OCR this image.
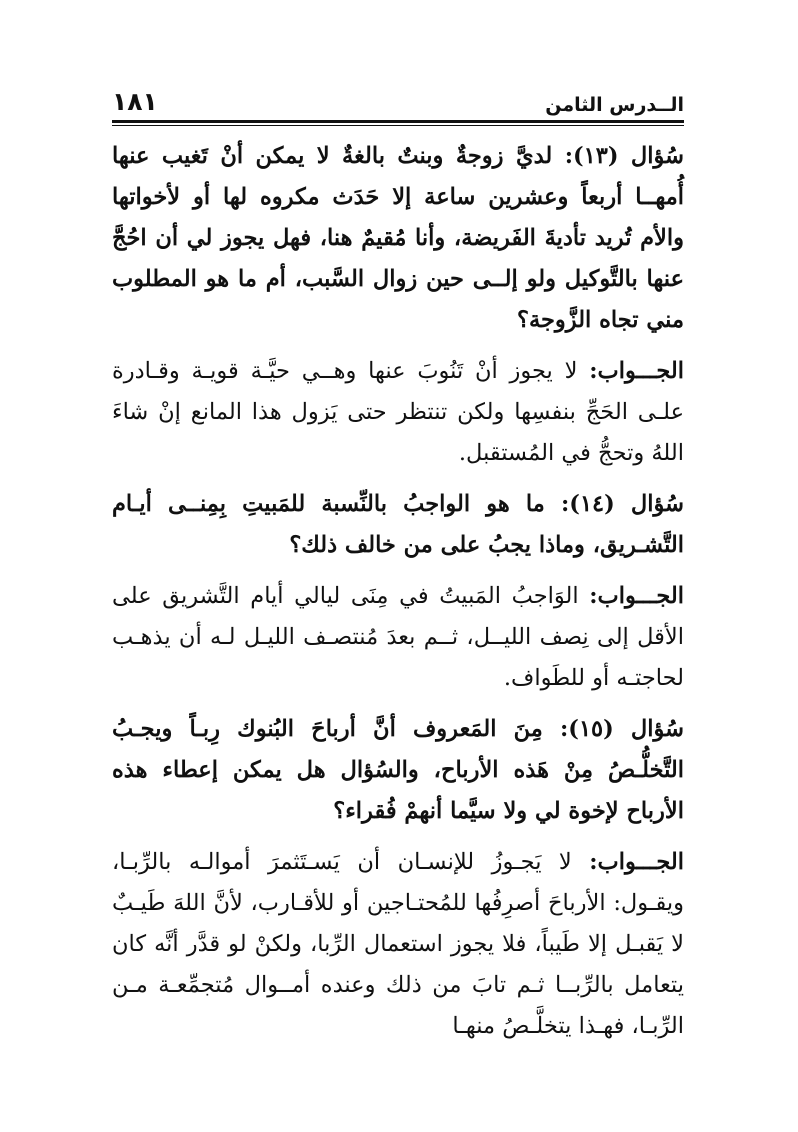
الــدرس الثامن
١٨١

سُؤال (١٣): لديَّ زوجةٌ وبنتٌ بالغةٌ لا يمكن أنْ تَغيب عنها أُمهــا أربعاً وعشرين ساعة إلا حَدَث مكروه لها أو لأخواتها والأم تُريد تأديةَ الفَريضة، وأنا مُقيمٌ هنا، فهل يجوز لي أن احُجَّ عنها بالتَّوكيل ولو إلــى حين زوال السَّبب، أم ما هو المطلوب مني تجاه الزَّوجة؟

الجـــواب: لا يجوز أنْ تَنُوبَ عنها وهــي حيَّـة قويـة وقـادرة علـى الحَجِّ بنفسِها ولكن تنتظر حتى يَزول هذا المانع إنْ شاءَ اللهُ وتحجُّ في المُستقبل.

سُؤال (١٤): ما هو الواجبُ بالنِّسبة للمَبيتِ بِمِنــى أيـام التَّشـريق، وماذا يجبُ على من خالف ذلك؟

الجـــواب: الوَاجبُ المَبيتُ في مِنَى ليالي أيام التَّشريق على الأقل إلى نِصف الليــل، ثــم بعدَ مُنتصـف الليـل لـه أن يذهـب لحاجتـه أو للطَواف.

سُؤال (١٥): مِنَ المَعروف أنَّ أرباحَ البُنوك رِبـاً ويجـبُ التَّخلُّـصُ مِنْ هَذه الأرباح، والسُؤال هل يمكن إعطاء هذه الأرباح لإخوة لي ولا سيَّما أنهمْ فُقراء؟

الجـــواب: لا يَجـوزُ للإنسـان أن يَسـتَثمرَ أموالـه بالرِّبـا، ويقـول: الأرباحَ أصرِفُها للمُحتـاجين أو للأقـارب، لأنَّ اللهَ طَيـبٌ لا يَقبـل إلا طَيباً، فلا يجوز استعمال الرِّبا، ولكنْ لو قدَّر أنَّه كان يتعامل بالرِّبــا ثـم تابَ من ذلك وعنده أمــوال مُتجمِّعـة مـن الرِّبـا، فهـذا يتخلَّـصُ منهـا
